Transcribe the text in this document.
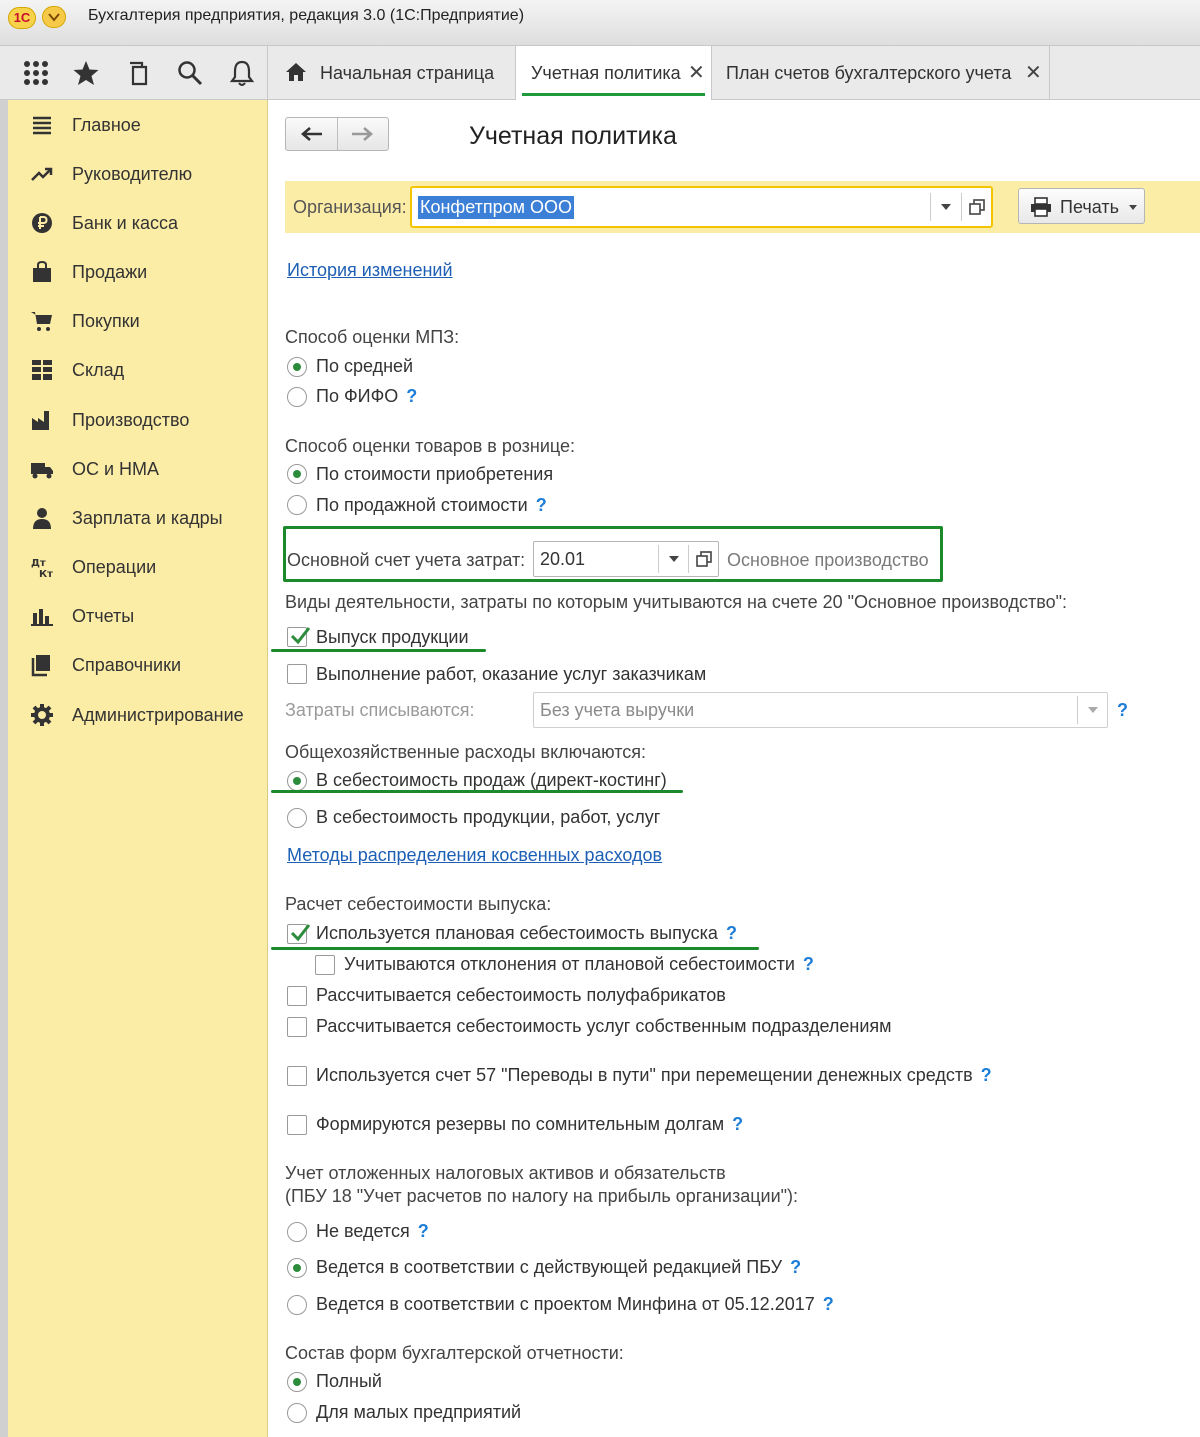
1С	Бухгалтерия предприятия, редакция 3.0 (1С:Предприятие)
Начальная страница Учетная политика ✕ План счетов бухгалтерского учета ✕
Главное
Руководителю
Банк и касса
Продажи
Покупки
Склад
Производство
ОС и НМА
Зарплата и кадры
Дт
Кт Операции
Отчеты
Справочники
Администрирование
Учетная политика
Организация: Конфетпром ООО	Печать
История изменений
Способ оценки МПЗ:
По средней
По ФИФО ?
Способ оценки товаров в рознице:
По стоимости приобретения
По продажной стоимости ?
Основной счет учета затрат: 20.01	Основное производство
Виды деятельности, затраты по которым учитываются на счете 20 "Основное производство":
Выпуск продукции
Выполнение работ, оказание услуг заказчикам
Затраты списываются:	Без учета выручки	?
Общехозяйственные расходы включаются:
В себестоимость продаж (директ-костинг)
В себестоимость продукции, работ, услуг
Методы распределения косвенных расходов
Расчет себестоимости выпуска:
Используется плановая себестоимость выпуска ?
Учитываются отклонения от плановой себестоимости ?
Рассчитывается себестоимость полуфабрикатов
Рассчитывается себестоимость услуг собственным подразделениям
Используется счет 57 "Переводы в пути" при перемещении денежных средств ?
Формируются резервы по сомнительным долгам ?
Учет отложенных налоговых активов и обязательств
(ПБУ 18 "Учет расчетов по налогу на прибыль организации"):
Не ведется ?
Ведется в соответствии с действующей редакцией ПБУ ?
Ведется в соответствии с проектом Минфина от 05.12.2017 ?
Состав форм бухгалтерской отчетности:
Полный
Для малых предприятий
